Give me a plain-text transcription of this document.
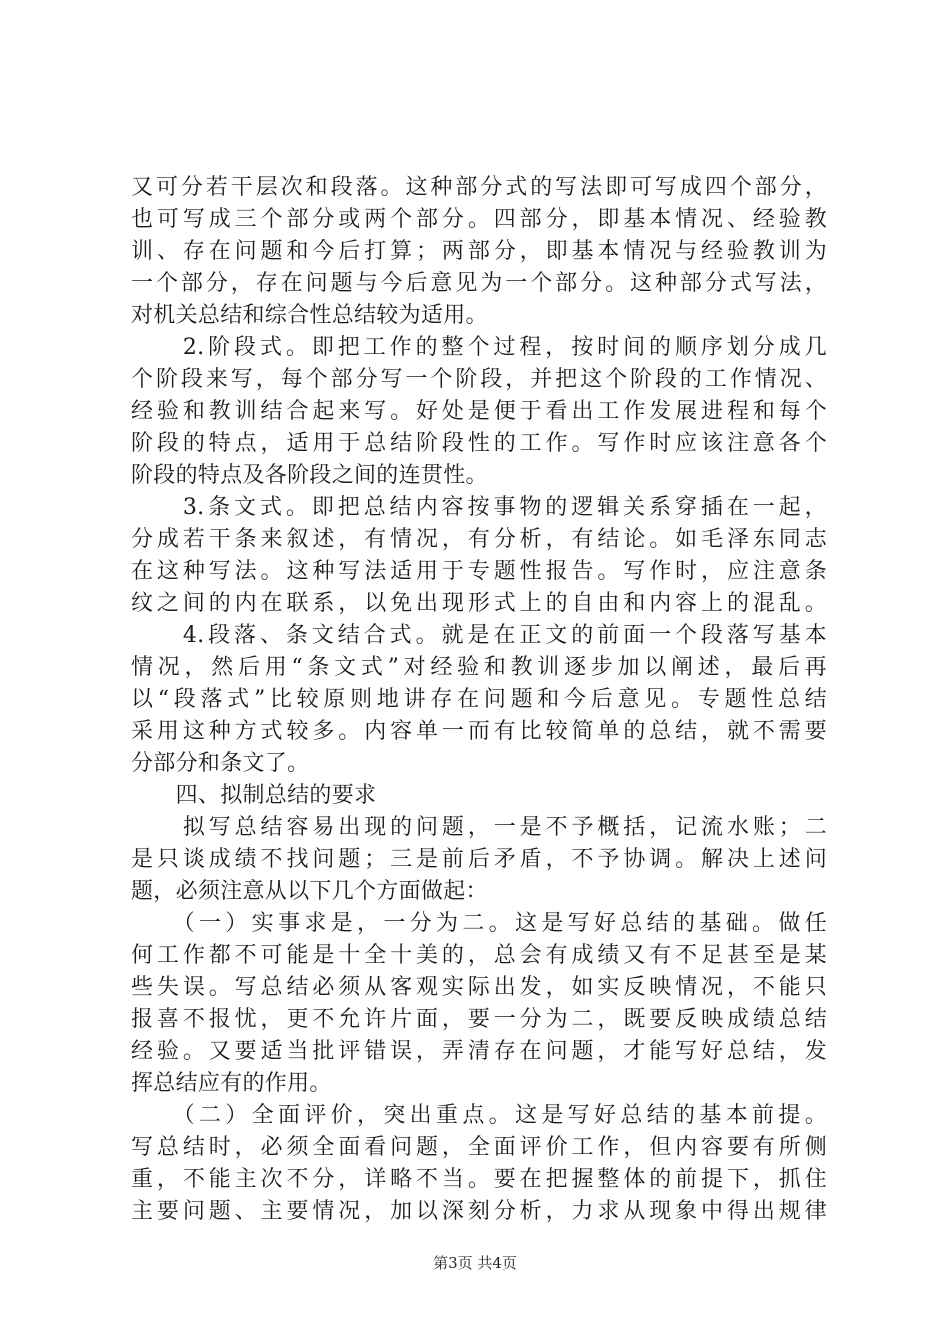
又可分若干层次和段落。这种部分式的写法即可写成四个部分，
也可写成三个部分或两个部分。四部分，即基本情况、经验教
训、存在问题和今后打算；两部分，即基本情况与经验教训为
一个部分，存在问题与今后意见为一个部分。这种部分式写法，
对机关总结和综合性总结较为适用。
　　2.阶段式。即把工作的整个过程，按时间的顺序划分成几
个阶段来写，每个部分写一个阶段，并把这个阶段的工作情况、
经验和教训结合起来写。好处是便于看出工作发展进程和每个
阶段的特点，适用于总结阶段性的工作。写作时应该注意各个
阶段的特点及各阶段之间的连贯性。
　　3.条文式。即把总结内容按事物的逻辑关系穿插在一起，
分成若干条来叙述，有情况，有分析，有结论。如毛泽东同志
在这种写法。这种写法适用于专题性报告。写作时，应注意条
纹之间的内在联系，以免出现形式上的自由和内容上的混乱。
　　4.段落、条文结合式。就是在正文的前面一个段落写基本
情况，然后用“条文式”对经验和教训逐步加以阐述，最后再
以“段落式”比较原则地讲存在问题和今后意见。专题性总结
采用这种方式较多。内容单一而有比较简单的总结，就不需要
分部分和条文了。
　　四、拟制总结的要求
　　拟写总结容易出现的问题，一是不予概括，记流水账；二
是只谈成绩不找问题；三是前后矛盾，不予协调。解决上述问
题，必须注意从以下几个方面做起：
　　（一）实事求是，一分为二。这是写好总结的基础。做任
何工作都不可能是十全十美的，总会有成绩又有不足甚至是某
些失误。写总结必须从客观实际出发，如实反映情况，不能只
报喜不报忧，更不允许片面，要一分为二，既要反映成绩总结
经验。又要适当批评错误，弄清存在问题，才能写好总结，发
挥总结应有的作用。
　　（二）全面评价，突出重点。这是写好总结的基本前提。
写总结时，必须全面看问题，全面评价工作，但内容要有所侧
重，不能主次不分，详略不当。要在把握整体的前提下，抓住
主要问题、主要情况，加以深刻分析，力求从现象中得出规律
第3页 共4页
